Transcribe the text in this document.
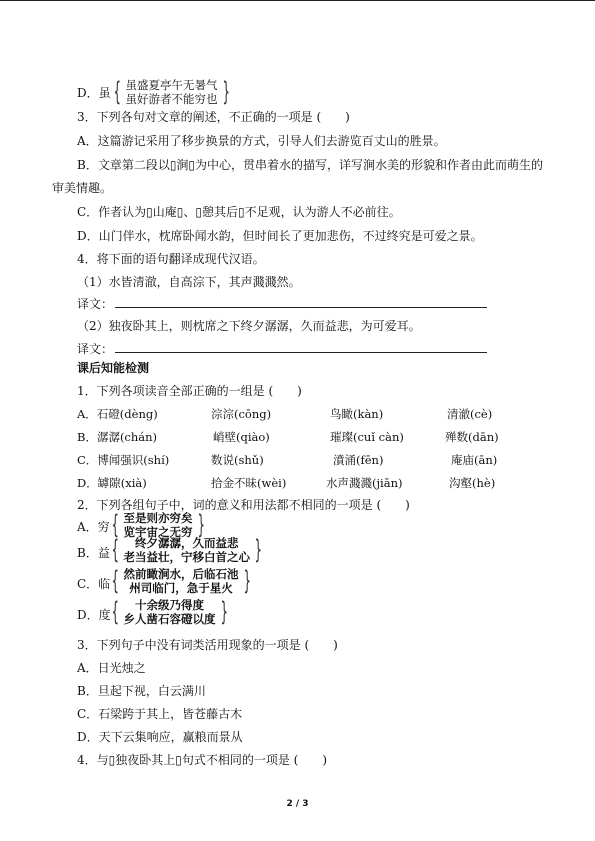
D．虽 { 虽盛夏亭午无暑气
虽好游者不能穷也 }
3．下列各句对文章的阐述，不正确的一项是 (　　)
A．这篇游记采用了移步换景的方式，引导人们去游览百丈山的胜景。
B．文章第二段以▯涧▯为中心，贯串着水的描写，详写涧水美的形貌和作者由此而萌生的
审美情趣。
C．作者认为▯山庵▯、▯憩其后▯不足观，认为游人不必前往。
D．山门伴水，枕席卧闻水韵，但时间长了更加悲伤，不过终究是可爱之景。
4．将下面的语句翻译成现代汉语。
（1）水皆清澈，自高淙下，其声濺濺然。
译文：
（2）独夜卧其上，则枕席之下终夕潺潺，久而益悲，为可爱耳。
译文：
课后知能检测
1．下列各项读音全部正确的一组是 (　　)
A．石磴(dèng)	淙淙(cōng)	鸟瞰(kàn)	清澈(cè)
B．潺潺(chán)	峭壁(qiào)	璀璨(cuǐ càn)	殚数(dān)
C．博闻强识(shí)	数说(shǔ)	濆涌(fēn)	庵庙(ān)
D．罅隙(xià)	拾金不昧(wèi)	水声濺濺(jiān)	沟壑(hè)
2．下列各组句子中，词的意义和用法都不相同的一项是 (　　)
A．穷 { 至是则亦穷矣
览宇宙之无穷 }
B．益 {	终夕潺潺，久而益悲
老当益壮，宁移白首之心 }
C．临 { 然前瞰涧水，后临石池
州司临门，急于星火 }
D．度 {	十余级乃得度
乡人凿石容磴以度 }
3．下列句子中没有词类活用现象的一项是 (　　)
A．日光烛之
B．旦起下视，白云满川
C．石梁跨于其上，皆苍藤古木
D．天下云集响应，赢粮而景从
4．与▯独夜卧其上▯句式不相同的一项是 (　　)
2 / 3
